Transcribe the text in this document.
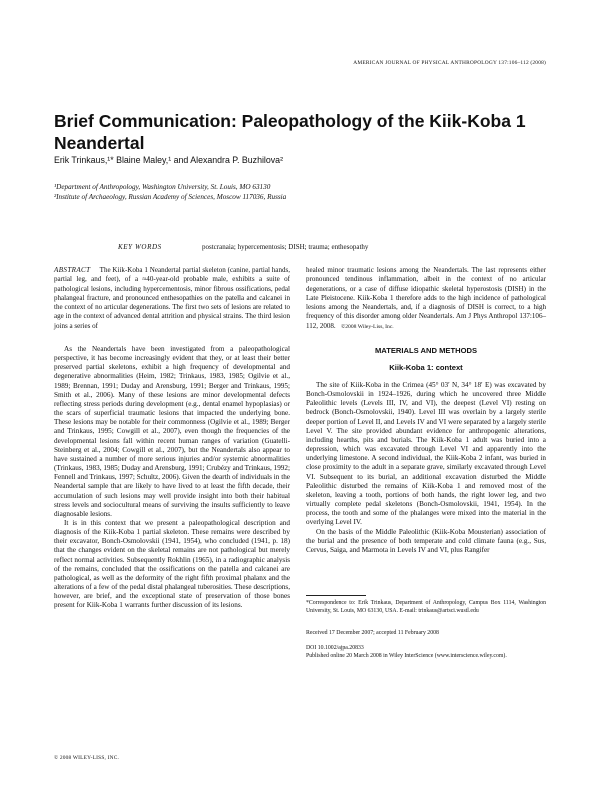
AMERICAN JOURNAL OF PHYSICAL ANTHROPOLOGY 137:106–112 (2008)
Brief Communication: Paleopathology of the Kiik-Koba 1 Neandertal
Erik Trinkaus,¹* Blaine Maley,¹ and Alexandra P. Buzhilova²
¹Department of Anthropology, Washington University, St. Louis, MO 63130
²Institute of Archaeology, Russian Academy of Sciences, Moscow 117036, Russia
KEY WORDS	postcranaia; hypercementosis; DISH; trauma; enthesopathy
ABSTRACT The Kiik-Koba 1 Neandertal partial skeleton (canine, partial hands, partial leg, and feet), of a ≈40-year-old probable male, exhibits a suite of pathological lesions, including hypercementosis, minor fibrous ossifications, pedal phalangeal fracture, and pronounced enthesopathies on the patella and calcanei in the context of no articular degenerations. The first two sets of lesions are related to age in the context of advanced dental attrition and physical strains. The third lesion joins a series of
healed minor traumatic lesions among the Neandertals. The last represents either pronounced tendinous inflammation, albeit in the context of no articular degenerations, or a case of diffuse idiopathic skeletal hyperostosis (DISH) in the Late Pleistocene. Kiik-Koba 1 therefore adds to the high incidence of pathological lesions among the Neandertals, and, if a diagnosis of DISH is correct, to a high frequency of this disorder among older Neandertals. Am J Phys Anthropol 137:106–112, 2008. ©2008 Wiley-Liss, Inc.

As the Neandertals have been investigated from a paleopathological perspective, it has become increasingly evident that they, or at least their better preserved partial skeletons, exhibit a high frequency of developmental and degenerative abnormalities (Heim, 1982; Trinkaus, 1983, 1985; Ogilvie et al., 1989; Brennan, 1991; Duday and Arensburg, 1991; Berger and Trinkaus, 1995; Smith et al., 2006). Many of these lesions are minor developmental defects reflecting stress periods during development (e.g., dental enamel hypoplasias) or the scars of superficial traumatic lesions that impacted the underlying bone. These lesions may be notable for their commonness (Ogilvie et al., 1989; Berger and Trinkaus, 1995; Cowgill et al., 2007), even though the frequencies of the developmental lesions fall within recent human ranges of variation (Guatelli-Steinberg et al., 2004; Cowgill et al., 2007), but the Neandertals also appear to have sustained a number of more serious injuries and/or systemic abnormalities (Trinkaus, 1983, 1985; Duday and Arensburg, 1991; Crubézy and Trinkaus, 1992; Fennell and Trinkaus, 1997; Schultz, 2006). Given the dearth of individuals in the Neandertal sample that are likely to have lived to at least the fifth decade, their accumulation of such lesions may well provide insight into both their habitual stress levels and sociocultural means of surviving the insults sufficiently to leave diagnosable lesions.

It is in this context that we present a paleopathological description and diagnosis of the Kiik-Koba 1 partial skeleton. These remains were described by their excavator, Bonch-Osmolovskii (1941, 1954), who concluded (1941, p. 18) that the changes evident on the skeletal remains are not pathological but merely reflect normal activities. Subsequently Rokhlin (1965), in a radiographic analysis of the remains, concluded that the ossifications on the patella and calcanei are pathological, as well as the deformity of the right fifth proximal phalanx and the alterations of a few of the pedal distal phalangeal tuberosities. These descriptions, however, are brief, and the exceptional state of preservation of those bones present for Kiik-Koba 1 warrants further discussion of its lesions.

MATERIALS AND METHODS
Kiik-Koba 1: context

The site of Kiik-Koba in the Crimea (45° 03′ N, 34° 18′ E) was excavated by Bonch-Osmolovskii in 1924–1926, during which he uncovered three Middle Paleolithic levels (Levels III, IV, and VI), the deepest (Level VI) resting on bedrock (Bonch-Osmolovskii, 1940). Level III was overlain by a largely sterile deeper portion of Level II, and Levels IV and VI were separated by a largely sterile Level V. The site provided abundant evidence for anthropogenic alterations, including hearths, pits and burials. The Kiik-Koba 1 adult was buried into a depression, which was excavated through Level VI and apparently into the underlying limestone. A second individual, the Kiik-Koba 2 infant, was buried in close proximity to the adult in a separate grave, similarly excavated through Level VI. Subsequent to its burial, an additional excavation disturbed the Middle Paleolithic disturbed the remains of Kiik-Koba 1 and removed most of the skeleton, leaving a tooth, portions of both hands, the right lower leg, and two virtually complete pedal skeletons (Bonch-Osmolovskii, 1941, 1954). In the process, the tooth and some of the phalanges were mixed into the material in the overlying Level IV.

On the basis of the Middle Paleolithic (Kiik-Koba Mousterian) association of the burial and the presence of both temperate and cold climate fauna (e.g., Sus, Cervus, Saiga, and Marmota in Levels IV and VI, plus Rangifer

*Correspondence to: Erik Trinkaus, Department of Anthropology, Campus Box 1114, Washington University, St. Louis, MO 63130, USA. E-mail: trinkaus@artsci.wustl.edu

Received 17 December 2007; accepted 11 February 2008

DOI 10.1002/ajpa.20833

Published online 20 March 2008 in Wiley InterScience (www.interscience.wiley.com).

© 2008 WILEY-LISS, INC.
